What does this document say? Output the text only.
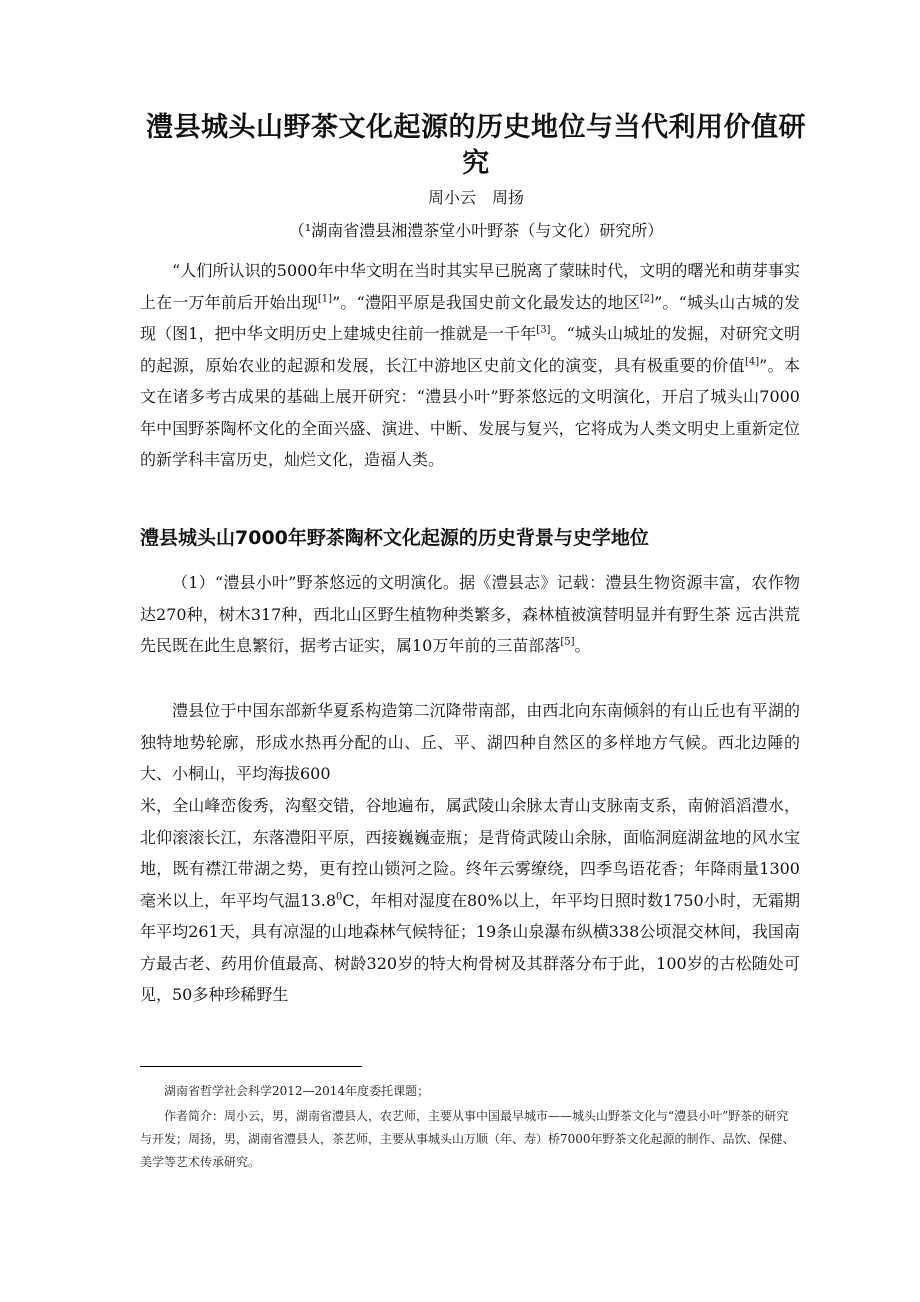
澧县城头山野茶文化起源的历史地位与当代利用价值研究
周小云　周扬
（¹湖南省澧县湘澧茶堂小叶野茶（与文化）研究所）

“人们所认识的5000年中华文明在当时其实早已脱离了蒙昧时代，文明的曙光和萌芽事实上在一万年前后开始出现[1]”。“澧阳平原是我国史前文化最发达的地区[2]”。“城头山古城的发现（图1，把中华文明历史上建城史往前一推就是一千年[3]。“城头山城址的发掘，对研究文明的起源，原始农业的起源和发展，长江中游地区史前文化的演变，具有极重要的价值[4]”。本文在诸多考古成果的基础上展开研究：“澧县小叶”野茶悠远的文明演化，开启了城头山7000年中国野茶陶杯文化的全面兴盛、演进、中断、发展与复兴，它将成为人类文明史上重新定位的新学科丰富历史，灿烂文化，造福人类。

澧县城头山7000年野茶陶杯文化起源的历史背景与史学地位

（1）“澧县小叶”野茶悠远的文明演化。据《澧县志》记载：澧县生物资源丰富，农作物达270种，树木317种，西北山区野生植物种类繁多，森林植被演替明显并有野生茶 远古洪荒先民既在此生息繁衍，据考古证实，属10万年前的三苗部落[5]。

澧县位于中国东部新华夏系构造第二沉降带南部，由西北向东南倾斜的有山丘也有平湖的独特地势轮廓，形成水热再分配的山、丘、平、湖四种自然区的多样地方气候。西北边陲的大、小桐山，平均海拔600

米，全山峰峦俊秀，沟壑交错，谷地遍布，属武陵山余脉太青山支脉南支系，南俯滔滔澧水，北仰滚滚长江，东落澧阳平原，西接巍巍壶瓶；是背倚武陵山余脉，面临洞庭湖盆地的风水宝地，既有襟江带湖之势，更有控山锁河之险。终年云雾缭绕，四季鸟语花香；年降雨量1300毫米以上，年平均气温13.8$^0$C，年相对湿度在80%以上，年平均日照时数1750小时，无霜期年平均261天，具有凉湿的山地森林气候特征；19条山泉瀑布纵横338公顷混交林间，我国南方最古老、药用价值最高、树龄320岁的特大枸骨树及其群落分布于此，100岁的古松随处可见，50多种珍稀野生

湖南省哲学社会科学2012—2014年度委托课题；

作者简介：周小云，男，湖南省澧县人，农艺师，主要从事中国最早城市——城头山野茶文化与“澧县小叶”野茶的研究与开发；周扬，男，湖南省澧县人，茶艺师，主要从事城头山万顺（年、寿）桥7000年野茶文化起源的制作、品饮、保健、美学等艺术传承研究。
